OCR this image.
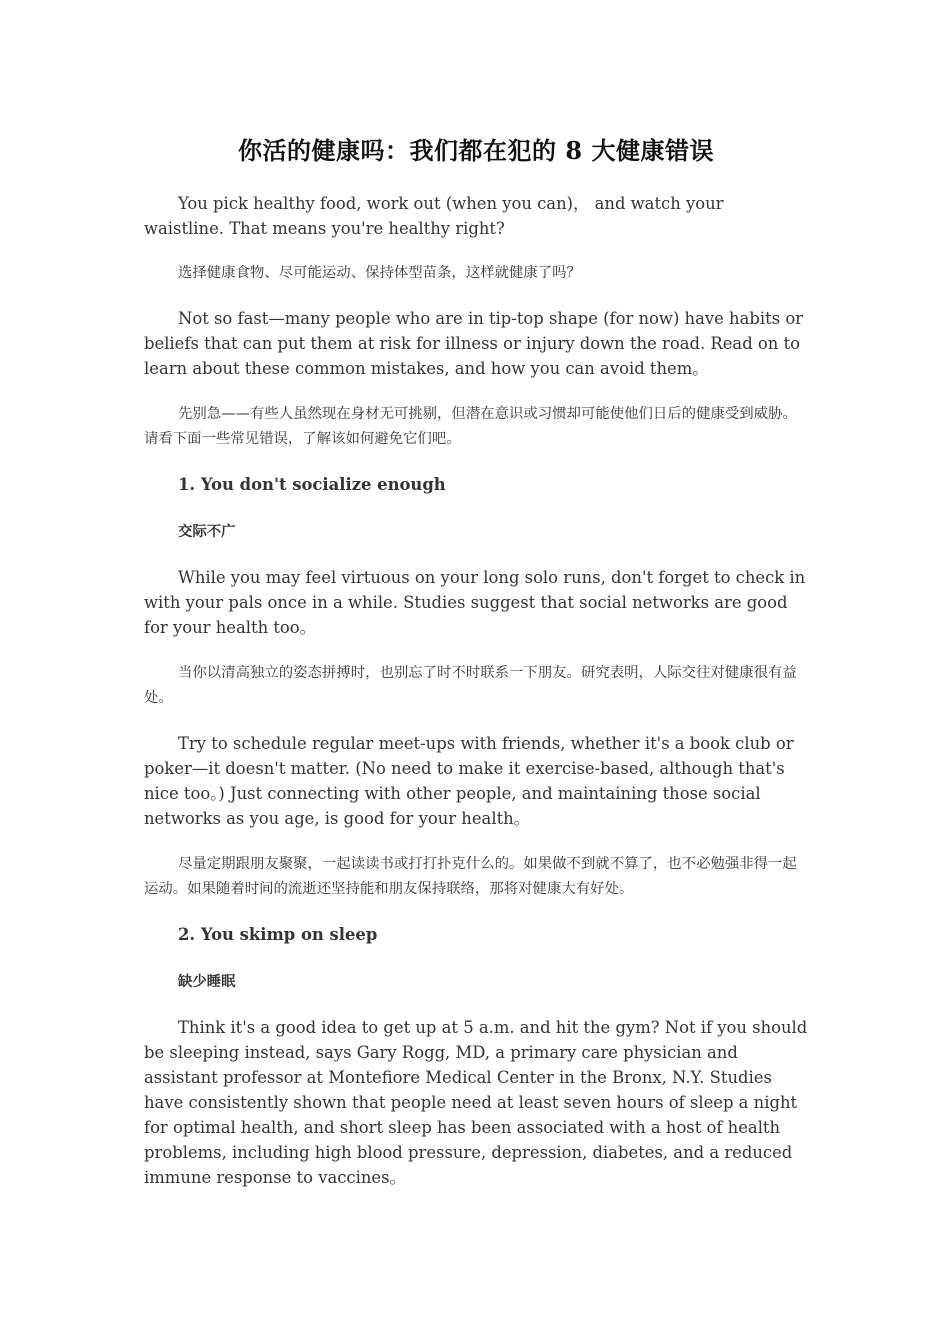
你活的健康吗：我们都在犯的 8 大健康错误

You pick healthy food, work out (when you can)， and watch your waistline. That means you're healthy right?

选择健康食物、尽可能运动、保持体型苗条，这样就健康了吗？

Not so fast—many people who are in tip-top shape (for now) have habits or beliefs that can put them at risk for illness or injury down the road. Read on to learn about these common mistakes, and how you can avoid them。

先别急——有些人虽然现在身材无可挑剔，但潜在意识或习惯却可能使他们日后的健康受到威胁。请看下面一些常见错误，了解该如何避免它们吧。

1. You don't socialize enough

交际不广

While you may feel virtuous on your long solo runs, don't forget to check in with your pals once in a while. Studies suggest that social networks are good for your health too。

当你以清高独立的姿态拼搏时，也别忘了时不时联系一下朋友。研究表明，人际交往对健康很有益处。

Try to schedule regular meet-ups with friends, whether it's a book club or poker—it doesn't matter. (No need to make it exercise-based, although that's nice too。) Just connecting with other people, and maintaining those social networks as you age, is good for your health。

尽量定期跟朋友聚聚，一起读读书或打打扑克什么的。如果做不到就不算了，也不必勉强非得一起运动。如果随着时间的流逝还坚持能和朋友保持联络，那将对健康大有好处。

2. You skimp on sleep

缺少睡眠

Think it's a good idea to get up at 5 a.m. and hit the gym? Not if you should be sleeping instead, says Gary Rogg, MD, a primary care physician and assistant professor at Montefiore Medical Center in the Bronx, N.Y. Studies have consistently shown that people need at least seven hours of sleep a night for optimal health, and short sleep has been associated with a host of health problems, including high blood pressure, depression, diabetes, and a reduced immune response to vaccines。
